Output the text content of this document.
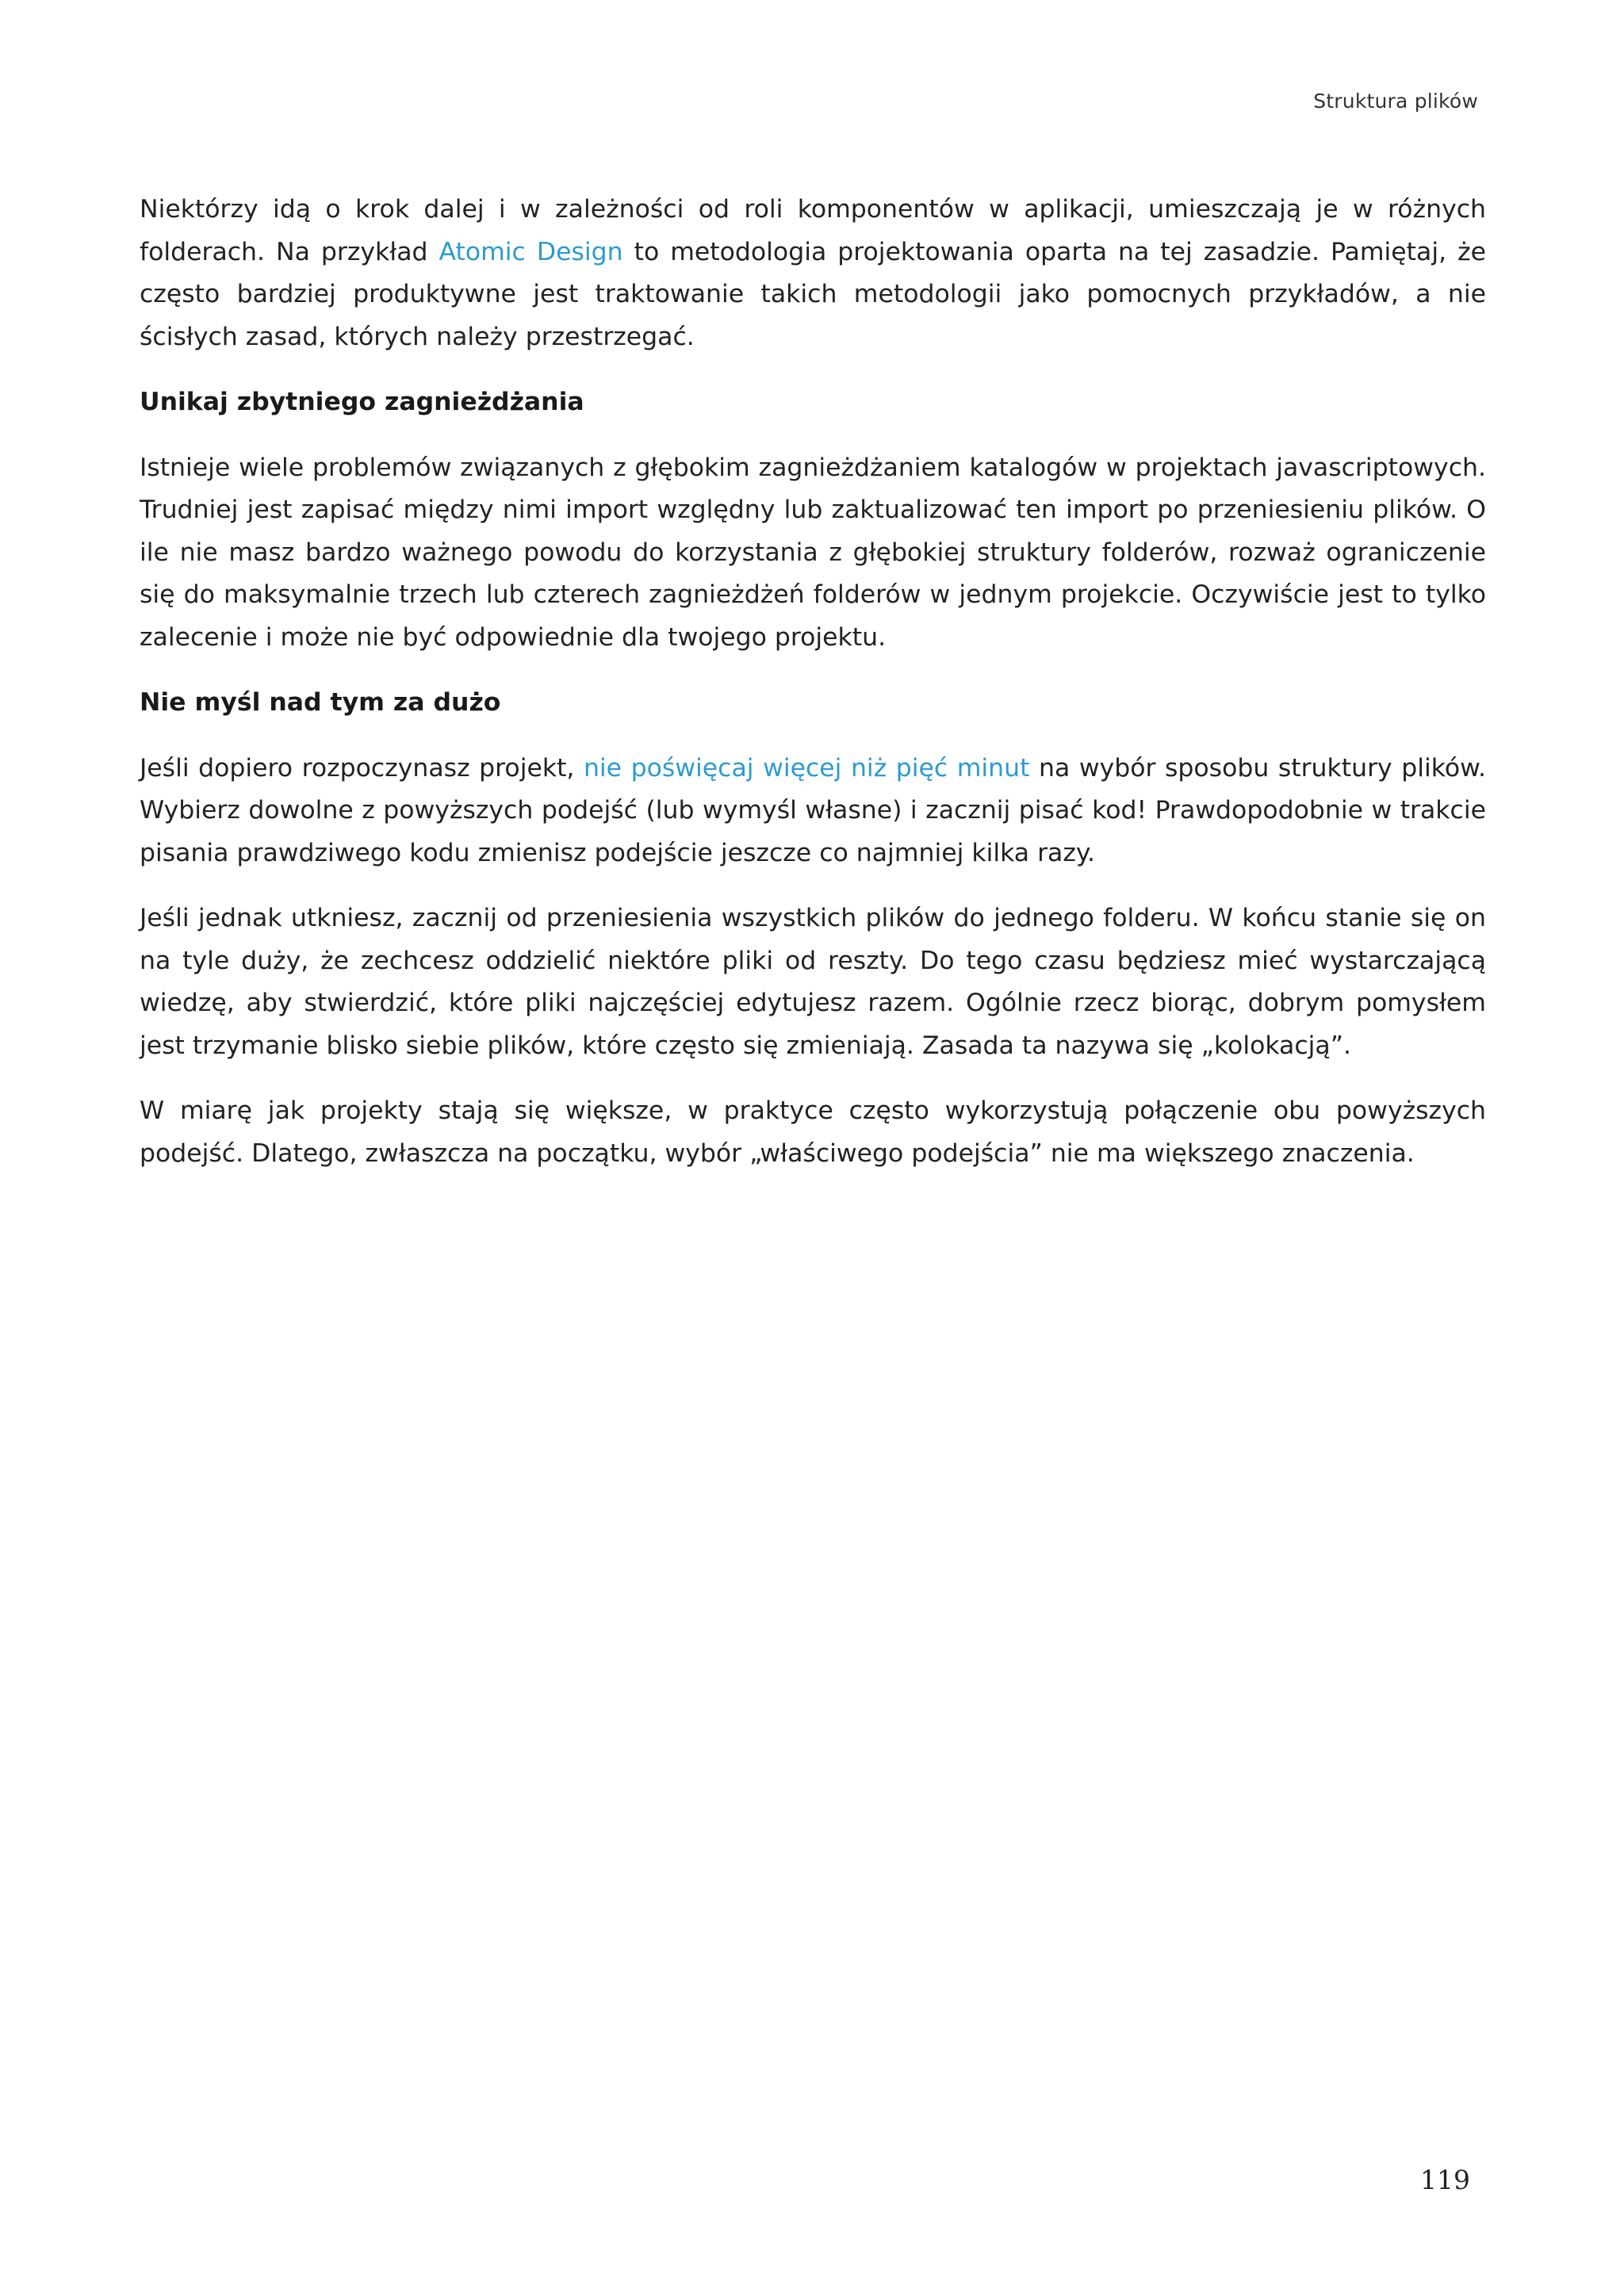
Struktura plików

Niektórzy idą o krok dalej i w zależności od roli komponentów w aplikacji, umieszczają je w różnych folderach. Na przykład Atomic Design to metodologia projektowania oparta na tej zasadzie. Pamiętaj, że często bardziej produktywne jest traktowanie takich metodologii jako pomocnych przykładów, a nie ścisłych zasad, których należy przestrzegać.

Unikaj zbytniego zagnieżdżania

Istnieje wiele problemów związanych z głębokim zagnieżdżaniem katalogów w projektach javascriptowych. Trudniej jest zapisać między nimi import względny lub zaktualizować ten import po przeniesieniu plików. O ile nie masz bardzo ważnego powodu do korzystania z głębokiej struktury folderów, rozważ ograniczenie się do maksymalnie trzech lub czterech zagnieżdżeń folderów w jednym projekcie. Oczywiście jest to tylko zalecenie i może nie być odpowiednie dla twojego projektu.

Nie myśl nad tym za dużo

Jeśli dopiero rozpoczynasz projekt, nie poświęcaj więcej niż pięć minut na wybór sposobu struktury plików. Wybierz dowolne z powyższych podejść (lub wymyśl własne) i zacznij pisać kod! Prawdopodobnie w trakcie pisania prawdziwego kodu zmienisz podejście jeszcze co najmniej kilka razy.

Jeśli jednak utkniesz, zacznij od przeniesienia wszystkich plików do jednego folderu. W końcu stanie się on na tyle duży, że zechcesz oddzielić niektóre pliki od reszty. Do tego czasu będziesz mieć wystarczającą wiedzę, aby stwierdzić, które pliki najczęściej edytujesz razem. Ogólnie rzecz biorąc, dobrym pomysłem jest trzymanie blisko siebie plików, które często się zmieniają. Zasada ta nazywa się „kolokacją”.

W miarę jak projekty stają się większe, w praktyce często wykorzystują połączenie obu powyższych podejść. Dlatego, zwłaszcza na początku, wybór „właściwego podejścia” nie ma większego znaczenia.

119
